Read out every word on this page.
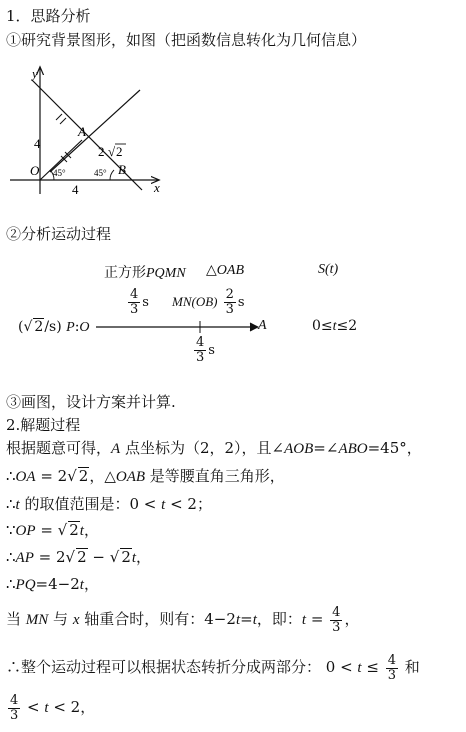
1．思路分析
①研究背景图形，如图（把函数信息转化为几何信息）
y
x
O
A
B
4
4
2 √ 2
45°	45°
②分析运动过程
正方形PQMN △OAB	S(t)
$\frac{4}{3}$ s $MN(OB) \frac{2}{3}$ s
$\frac{4}{3}$ s
(√ 2/s) P:O	A	0≤t≤2
③画图，设计方案并计算.
2.解题过程
根据题意可得，A 点坐标为（2，2），且∠AOB=∠ABO=45°，
∴OA = 2√ 2，△OAB 是等腰直角三角形，
∴t 的取值范围是：0 < t < 2；
∵OP = √ 2t，
∴AP = 2√ 2 − √ 2t，
∴PQ=4−2t，
当 MN 与 x 轴重合时，则有：4−2t=t，即：$t = \frac{4}{3}$ ，
∴整个运动过程可以根据状态转折分成两部分： $0 < t \le \frac{4}{3}$ 和
$\frac{4}{3} < t < 2$，
